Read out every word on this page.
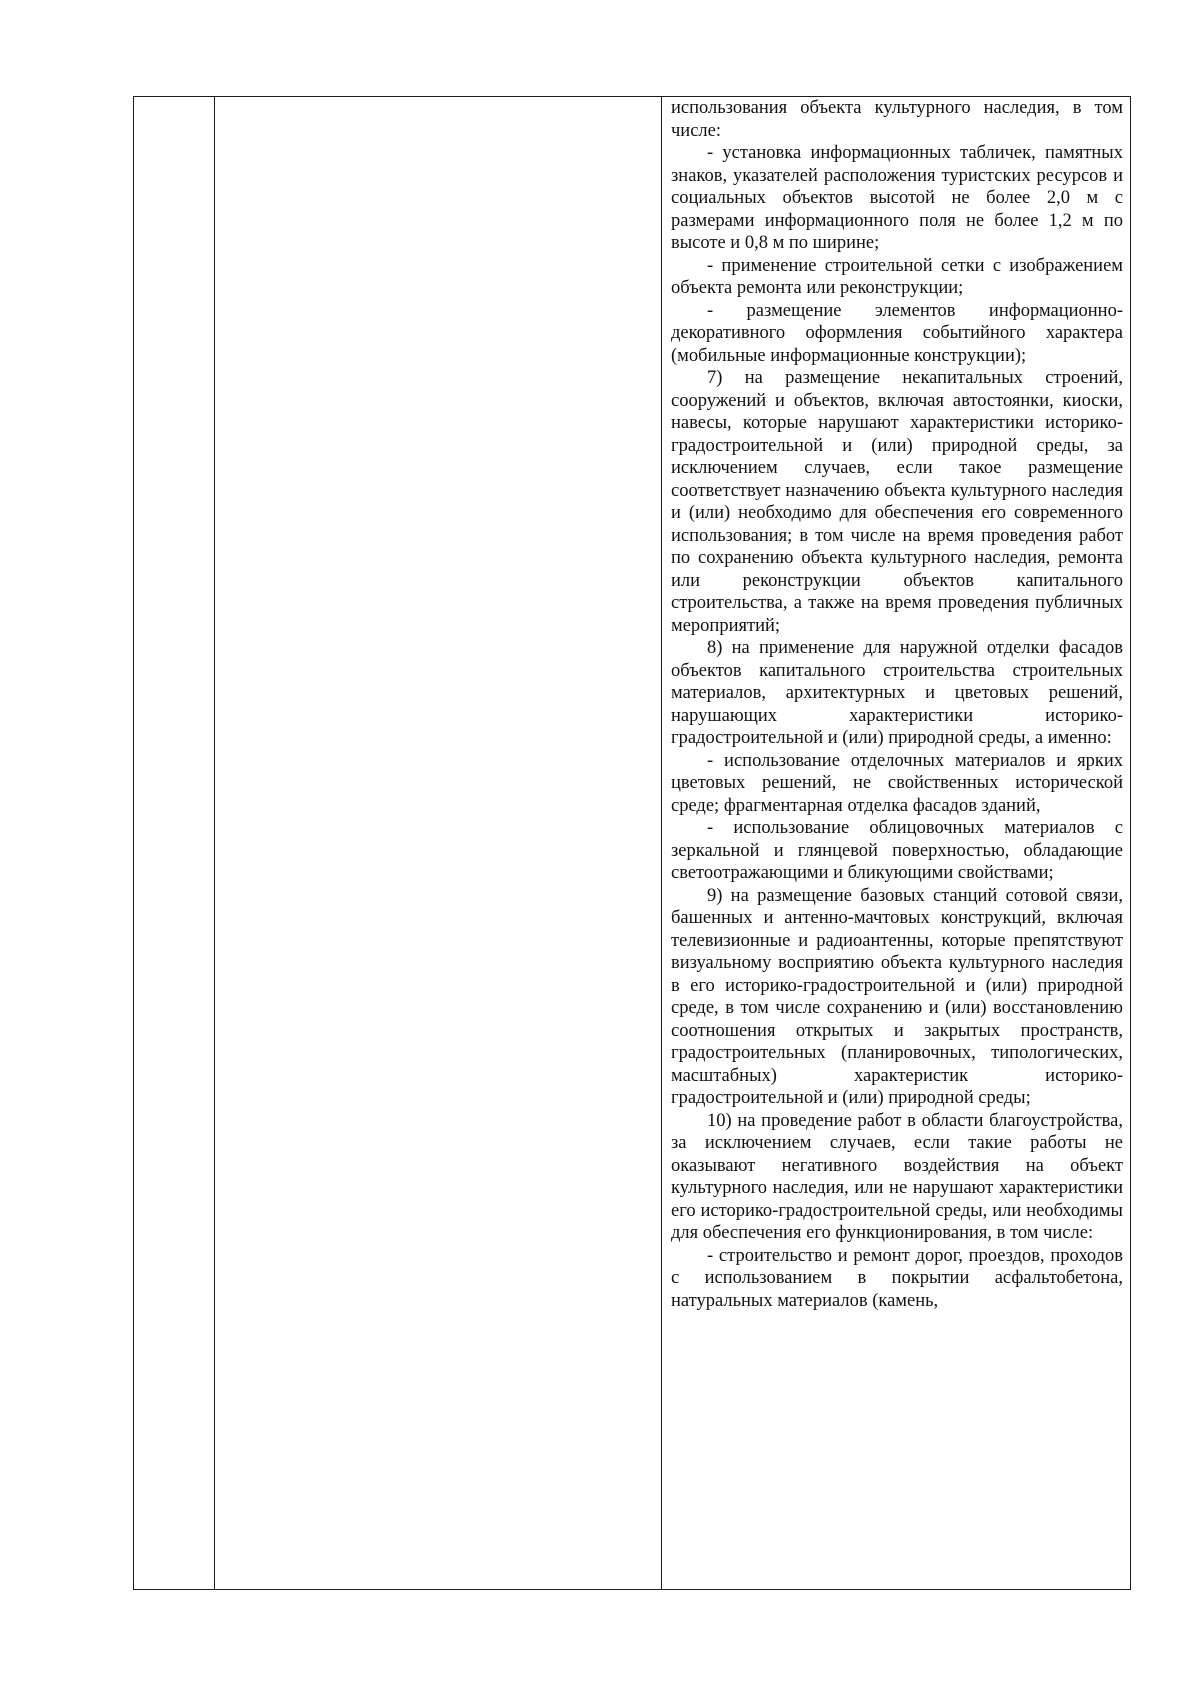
использования объекта культурного наследия, в том числе:

- установка информационных табличек, памятных знаков, указателей расположения туристских ресурсов и социальных объектов высотой не более 2,0 м с размерами информационного поля не более 1,2 м по высоте и 0,8 м по ширине;

- применение строительной сетки с изображением объекта ремонта или реконструкции;

- размещение элементов информационно-декоративного оформления событийного характера (мобильные информационные конструкции);

7) на размещение некапитальных строений, сооружений и объектов, включая автостоянки, киоски, навесы, которые нарушают характеристики историко-градостроительной и (или) природной среды, за исключением случаев, если такое размещение соответствует назначению объекта культурного наследия и (или) необходимо для обеспечения его современного использования; в том числе на время проведения работ по сохранению объекта культурного наследия, ремонта или реконструкции объектов капитального строительства, а также на время проведения публичных мероприятий;

8) на применение для наружной отделки фасадов объектов капитального строительства строительных материалов, архитектурных и цветовых решений, нарушающих характеристики историко-градостроительной и (или) природной среды, а именно:

- использование отделочных материалов и ярких цветовых решений, не свойственных исторической среде; фрагментарная отделка фасадов зданий,

- использование облицовочных материалов с зеркальной и глянцевой поверхностью, обладающие светоотражающими и бликующими свойствами;

9) на размещение базовых станций сотовой связи, башенных и антенно-мачтовых конструкций, включая телевизионные и радиоантенны, которые препятствуют визуальному восприятию объекта культурного наследия в его историко-градостроительной и (или) природной среде, в том числе сохранению и (или) восстановлению соотношения открытых и закрытых пространств, градостроительных (планировочных, типологических, масштабных) характеристик историко-градостроительной и (или) природной среды;

10) на проведение работ в области благоустройства, за исключением случаев, если такие работы не оказывают негативного воздействия на объект культурного наследия, или не нарушают характеристики его историко-градостроительной среды, или необходимы для обеспечения его функционирования, в том числе:

- строительство и ремонт дорог, проездов, проходов с использованием в покрытии асфальтобетона, натуральных материалов (камень,
